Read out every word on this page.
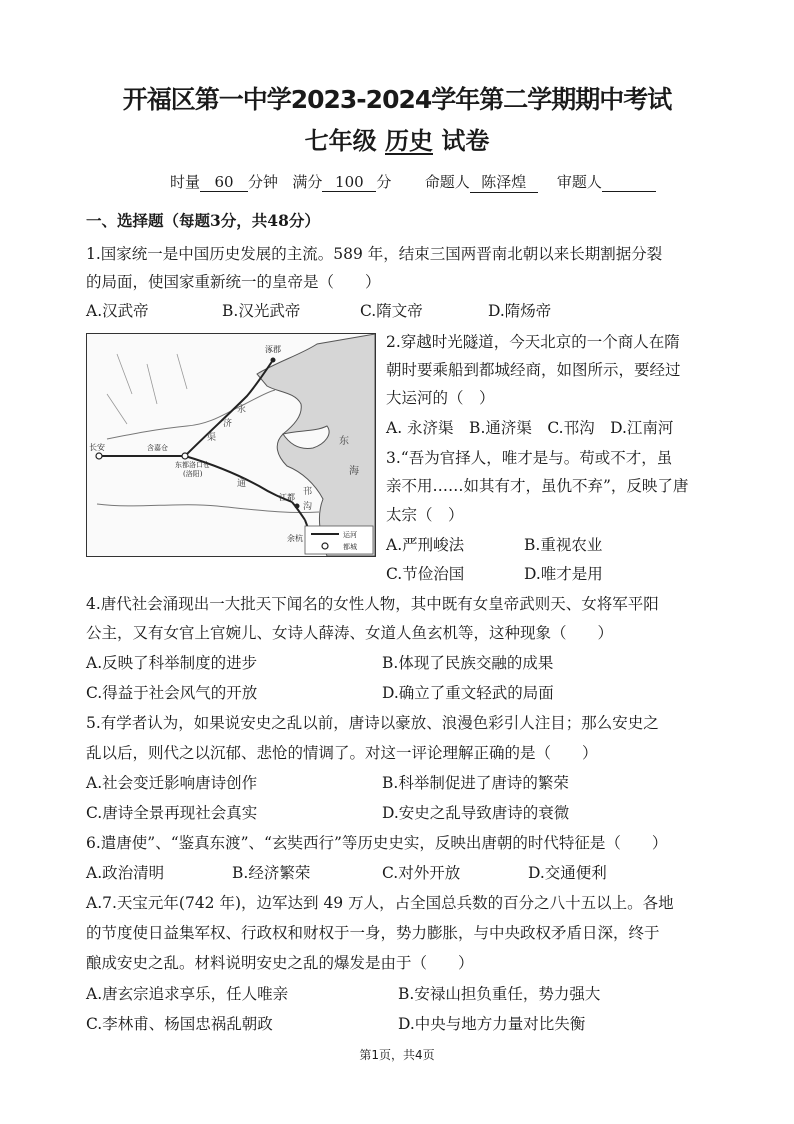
开福区第一中学2023-2024学年第二学期期中考试
七年级 历史 试卷
时量 60 分钟 满分 100 分 命题人 陈泽煌 审题人
一、选择题（每题3分，共48分）
1.国家统一是中国历史发展的主流。589 年，结束三国两晋南北朝以来长期割据分裂
的局面，使国家重新统一的皇帝是（　　）
A.汉武帝	B.汉光武帝	C.隋文帝	D.隋炀帝
涿郡
长安	含嘉仓
东都洛口仓
(洛阳)
江都
余杭
永
济
渠
通
邗
沟
东
海
运河
都城
2.穿越时光隧道，今天北京的一个商人在隋
朝时要乘船到都城经商，如图所示，要经过
大运河的（　）
A. 永济渠　B.通济渠　C.邗沟　D.江南河
3.“吾为官择人，唯才是与。苟或不才，虽
亲不用……如其有才，虽仇不弃”，反映了唐
太宗（　）
A.严刑峻法	B.重视农业
C.节俭治国	D.唯才是用
4.唐代社会涌现出一大批天下闻名的女性人物，其中既有女皇帝武则天、女将军平阳
公主，又有女官上官婉儿、女诗人薛涛、女道人鱼玄机等，这种现象（　　）
A.反映了科举制度的进步	B.体现了民族交融的成果
C.得益于社会风气的开放	D.确立了重文轻武的局面
5.有学者认为，如果说安史之乱以前，唐诗以豪放、浪漫色彩引人注目；那么安史之
乱以后，则代之以沉郁、悲怆的情调了。对这一评论理解正确的是（　　）
A.社会变迁影响唐诗创作	B.科举制促进了唐诗的繁荣
C.唐诗全景再现社会真实	D.安史之乱导致唐诗的衰微
6.遣唐使”、“鉴真东渡”、“玄奘西行”等历史史实，反映出唐朝的时代特征是（　　）
A.政治清明	B.经济繁荣	C.对外开放	D.交通便利
A.7.天宝元年(742 年)，边军达到 49 万人，占全国总兵数的百分之八十五以上。各地
的节度使日益集军权、行政权和财权于一身，势力膨胀，与中央政权矛盾日深，终于
酿成安史之乱。材料说明安史之乱的爆发是由于（　　）
A.唐玄宗追求享乐，任人唯亲	B.安禄山担负重任，势力强大
C.李林甫、杨国忠祸乱朝政	D.中央与地方力量对比失衡
第1页，共4页
